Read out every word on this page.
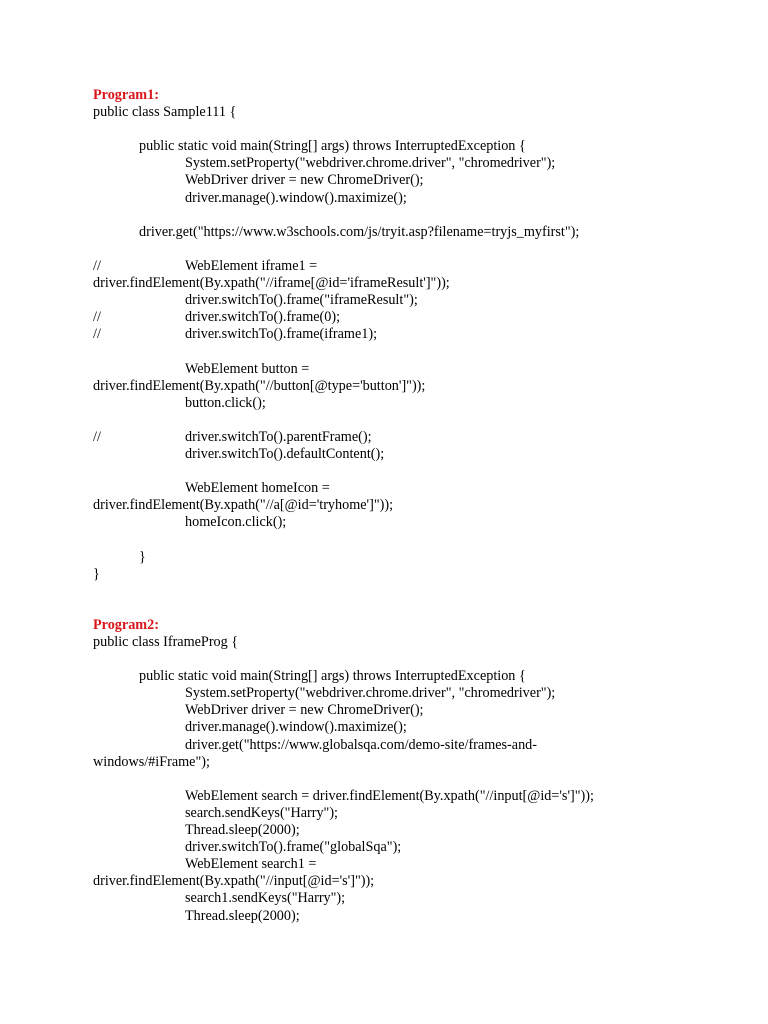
Program1:
public class Sample111 {
public static void main(String[] args) throws InterruptedException {
System.setProperty("webdriver.chrome.driver", "chromedriver");
WebDriver driver = new ChromeDriver();
driver.manage().window().maximize();
driver.get("https://www.w3schools.com/js/tryit.asp?filename=tryjs_myfirst");
//	WebElement iframe1 =
driver.findElement(By.xpath("//iframe[@id='iframeResult']"));
driver.switchTo().frame("iframeResult");
//	driver.switchTo().frame(0);
//	driver.switchTo().frame(iframe1);
WebElement button =
driver.findElement(By.xpath("//button[@type='button']"));
button.click();
//	driver.switchTo().parentFrame();
driver.switchTo().defaultContent();
WebElement homeIcon =
driver.findElement(By.xpath("//a[@id='tryhome']"));
homeIcon.click();
}
}
Program2:
public class IframeProg {
public static void main(String[] args) throws InterruptedException {
System.setProperty("webdriver.chrome.driver", "chromedriver");
WebDriver driver = new ChromeDriver();
driver.manage().window().maximize();
driver.get("https://www.globalsqa.com/demo-site/frames-and-
windows/#iFrame");
WebElement search = driver.findElement(By.xpath("//input[@id='s']"));
search.sendKeys("Harry");
Thread.sleep(2000);
driver.switchTo().frame("globalSqa");
WebElement search1 =
driver.findElement(By.xpath("//input[@id='s']"));
search1.sendKeys("Harry");
Thread.sleep(2000);
